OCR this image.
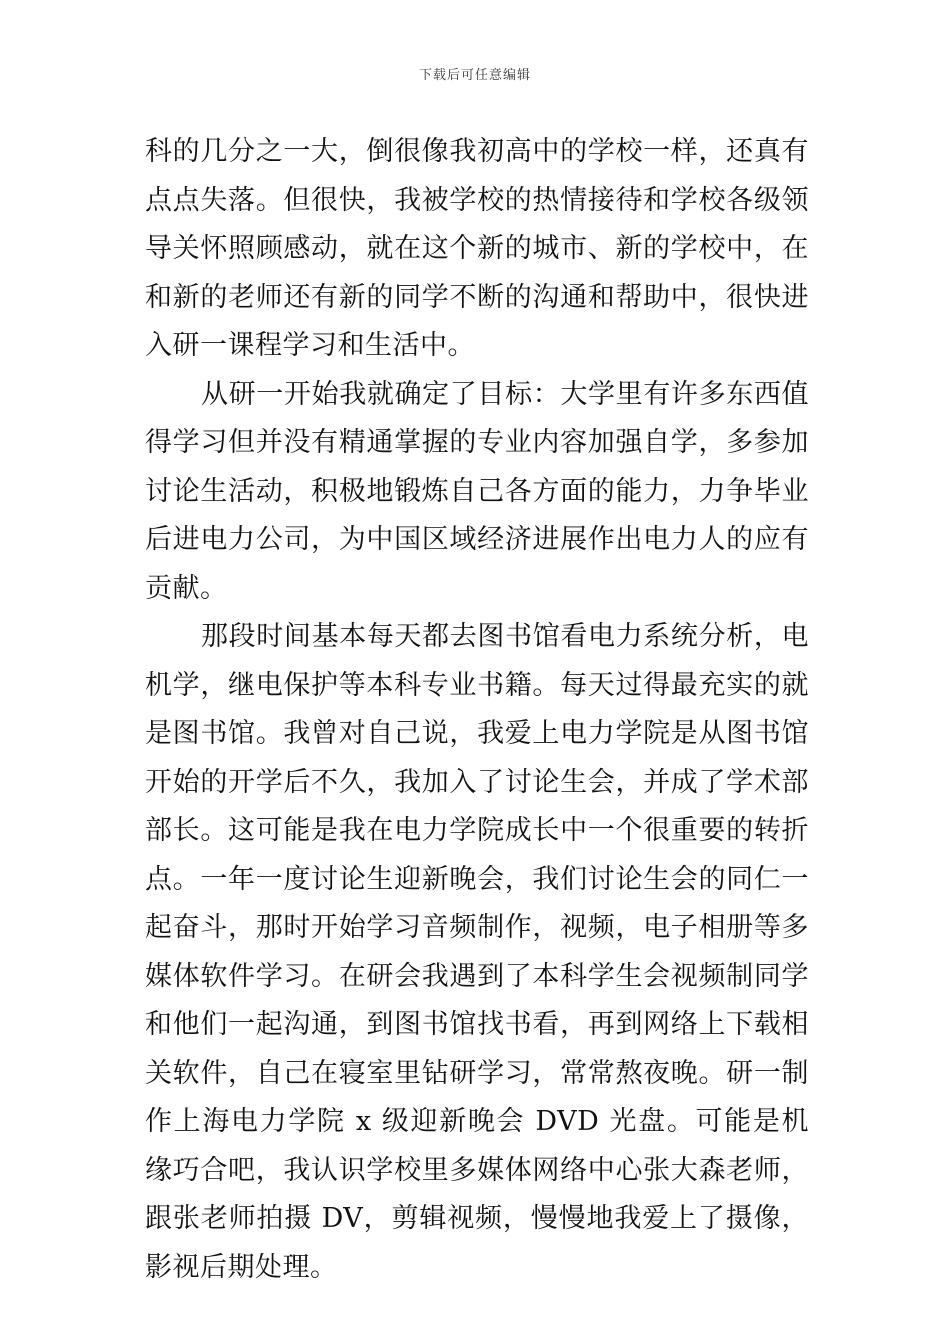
下载后可任意编辑

科的几分之一大，倒很像我初高中的学校一样，还真有点点失落。但很快，我被学校的热情接待和学校各级领导关怀照顾感动，就在这个新的城市、新的学校中，在和新的老师还有新的同学不断的沟通和帮助中，很快进入研一课程学习和生活中。

从研一开始我就确定了目标：大学里有许多东西值得学习但并没有精通掌握的专业内容加强自学，多参加讨论生活动，积极地锻炼自己各方面的能力，力争毕业后进电力公司，为中国区域经济进展作出电力人的应有贡献。

那段时间基本每天都去图书馆看电力系统分析，电机学，继电保护等本科专业书籍。每天过得最充实的就是图书馆。我曾对自己说，我爱上电力学院是从图书馆开始的开学后不久，我加入了讨论生会，并成了学术部部长。这可能是我在电力学院成长中一个很重要的转折点。一年一度讨论生迎新晚会，我们讨论生会的同仁一起奋斗，那时开始学习音频制作，视频，电子相册等多媒体软件学习。在研会我遇到了本科学生会视频制同学和他们一起沟通，到图书馆找书看，再到网络上下载相关软件，自己在寝室里钻研学习，常常熬夜晚。研一制作上海电力学院 x 级迎新晚会 DVD 光盘。可能是机缘巧合吧，我认识学校里多媒体网络中心张大森老师，跟张老师拍摄 DV，剪辑视频，慢慢地我爱上了摄像，影视后期处理。
